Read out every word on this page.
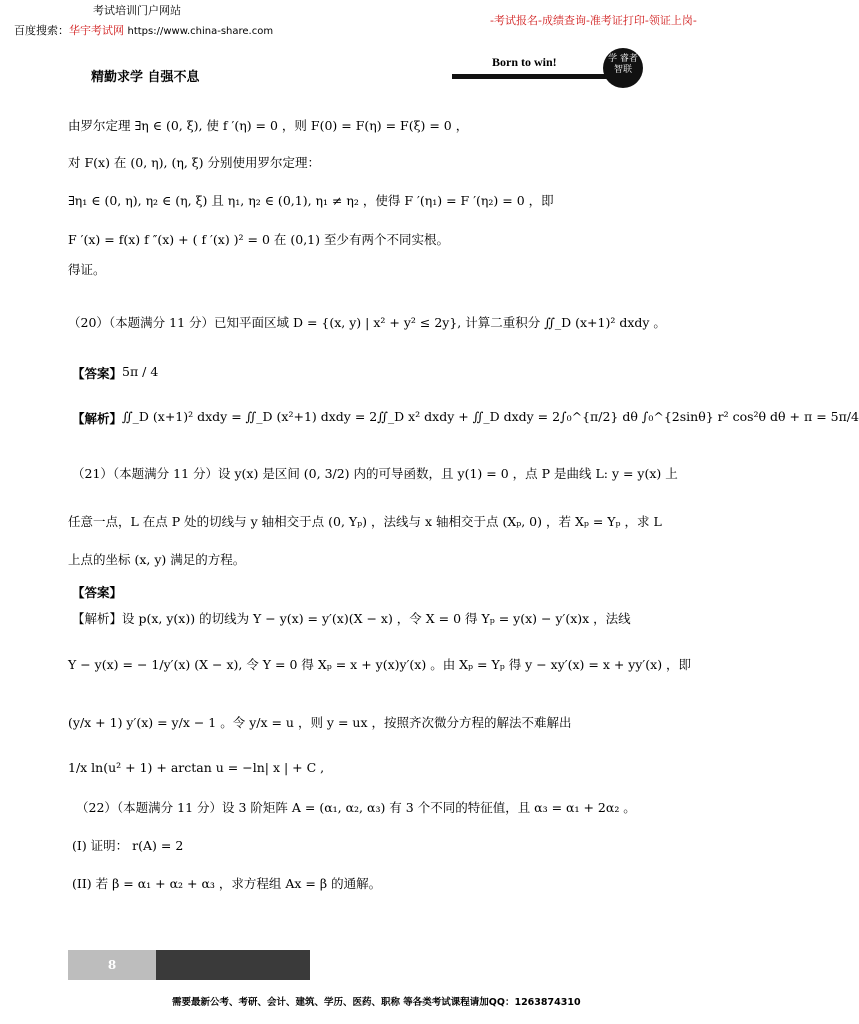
考试培训门户网站
百度搜索：华宇考试网 https://www.china-share.com
-考试报名-成绩查询-准考证打印-领证上岗-
精勤求学 自强不息
Born to win!	学 睿者智联
由罗尔定理 ∃η ∈ (0, ξ), 使 f ′(η) = 0 ，则 F(0) = F(η) = F(ξ) = 0 ，
对 F(x) 在 (0, η), (η, ξ) 分别使用罗尔定理：
∃η₁ ∈ (0, η), η₂ ∈ (η, ξ) 且 η₁, η₂ ∈ (0,1), η₁ ≠ η₂ ，使得 F ′(η₁) = F ′(η₂) = 0 ，即
F ′(x) = f(x) f ″(x) + ( f ′(x) )² = 0 在 (0,1) 至少有两个不同实根。
得证。
（20）（本题满分 11 分）已知平面区域 D = {(x, y) | x² + y² ≤ 2y}, 计算二重积分 ∬_D (x+1)² dxdy 。
【答案】 5π / 4
【解析】 ∬_D (x+1)² dxdy = ∬_D (x²+1) dxdy = 2∬_D x² dxdy + ∬_D dxdy = 2∫₀^{π/2} dθ ∫₀^{2sinθ} r² cos²θ dθ + π = 5π/4
（21）（本题满分 11 分）设 y(x) 是区间 (0, 3/2) 内的可导函数，且 y(1) = 0 ，点 P 是曲线 L: y = y(x) 上
任意一点，L 在点 P 处的切线与 y 轴相交于点 (0, Yₚ) ，法线与 x 轴相交于点 (Xₚ, 0) ，若 Xₚ = Yₚ ，求 L
上点的坐标 (x, y) 满足的方程。
【答案】
【解析】设 p(x, y(x)) 的切线为 Y − y(x) = y′(x)(X − x) ，令 X = 0 得 Yₚ = y(x) − y′(x)x ，法线
Y − y(x) = − 1/y′(x) (X − x), 令 Y = 0 得 Xₚ = x + y(x)y′(x) 。由 Xₚ = Yₚ 得 y − xy′(x) = x + yy′(x) ，即
(y/x + 1) y′(x) = y/x − 1 。令 y/x = u ，则 y = ux ，按照齐次微分方程的解法不难解出
1/x ln(u² + 1) + arctan u = −ln| x | + C ,
（22）（本题满分 11 分）设 3 阶矩阵 A = (α₁, α₂, α₃) 有 3 个不同的特征值，且 α₃ = α₁ + 2α₂ 。
(I) 证明： r(A) = 2
(II) 若 β = α₁ + α₂ + α₃ ，求方程组 Ax = β 的通解。
8
需要最新公考、考研、会计、建筑、学历、医药、职称 等各类考试课程请加QQ：1263874310
